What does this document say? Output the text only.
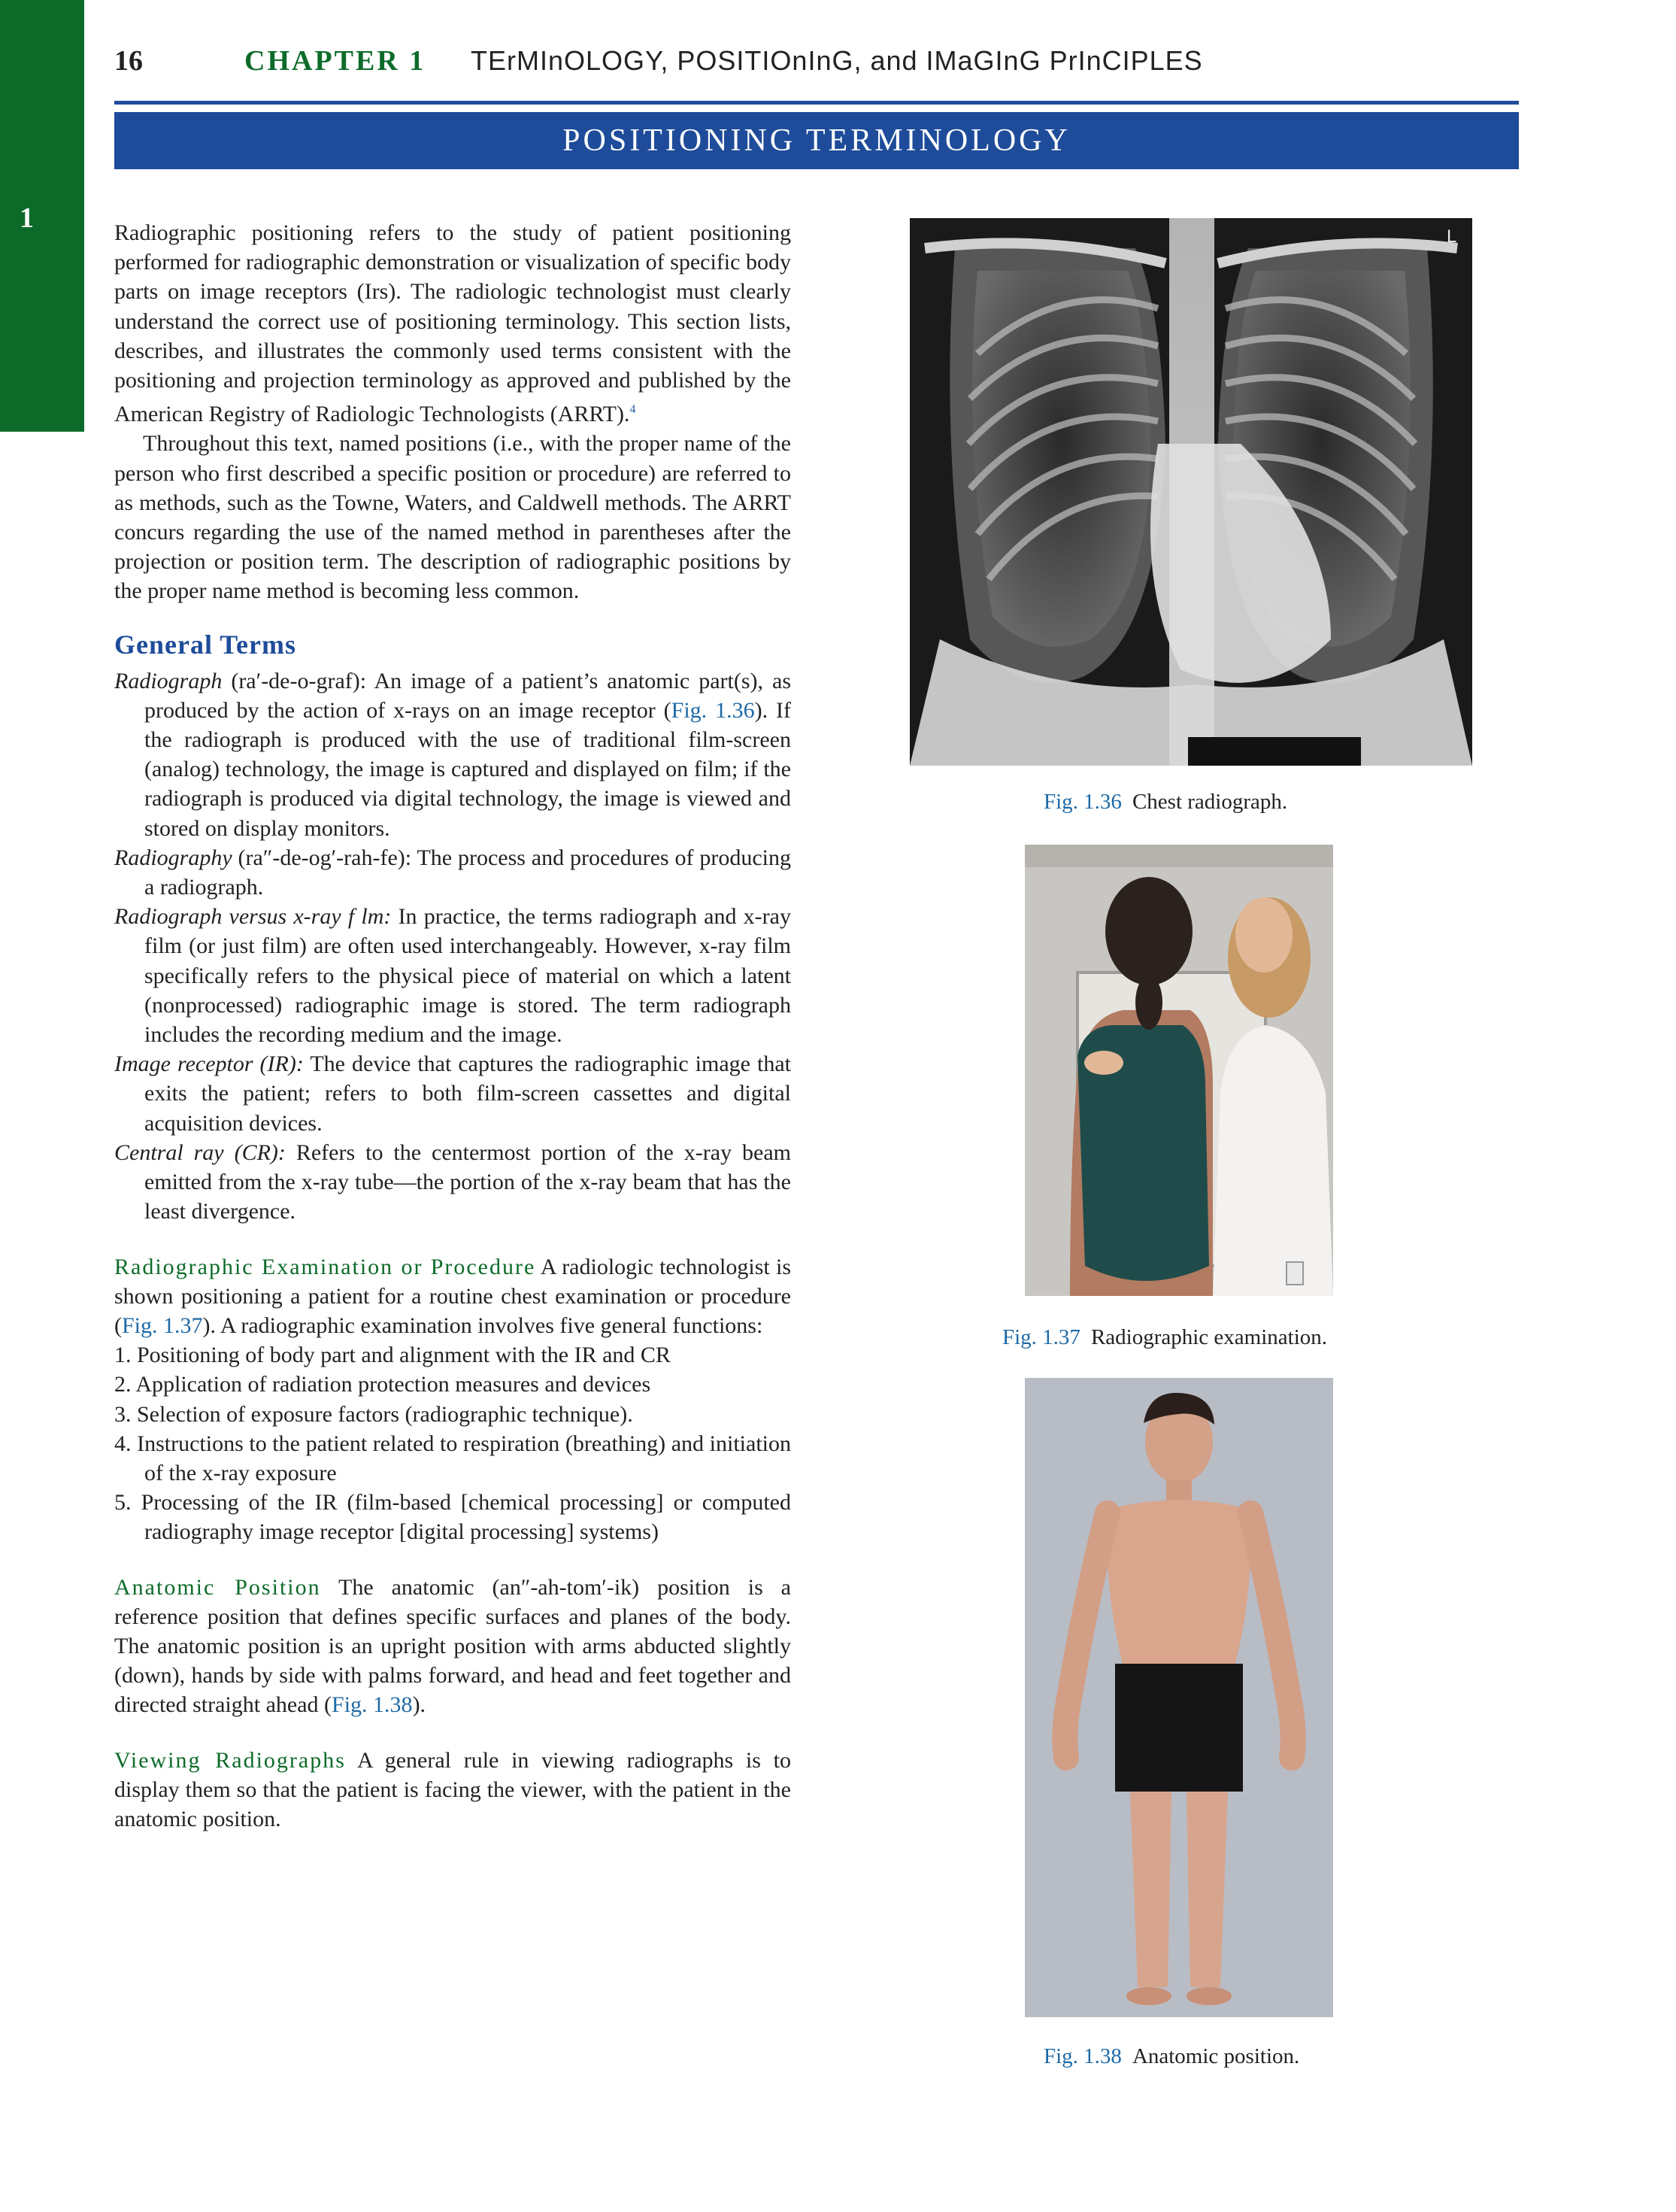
1
16	CHAPTER 1 TErMInOLOGY, POSITIOnInG, and IMaGInG PrInCIPLES
POSITIONING TERMINOLOGY

Radiographic positioning refers to the study of patient positioning performed for radiographic demonstration or visualization of specific body parts on image receptors (Irs). The radiologic technologist must clearly understand the correct use of positioning terminology. This section lists, describes, and illustrates the commonly used terms consistent with the positioning and projection terminology as approved and published by the American Registry of Radiologic Technologists (ARRT).$^4$

Throughout this text, named positions (i.e., with the proper name of the person who first described a specific position or procedure) are referred to as methods, such as the Towne, Waters, and Caldwell methods. The ARRT concurs regarding the use of the named method in parentheses after the projection or position term. The description of radiographic positions by the proper name method is becoming less common.

General Terms

Radiograph (ra′-de-o-graf): An image of a patient’s anatomic part(s), as produced by the action of x-rays on an image receptor (Fig. 1.36). If the radiograph is produced with the use of traditional film-screen (analog) technology, the image is captured and displayed on film; if the radiograph is produced via digital technology, the image is viewed and stored on display monitors.

Radiography (ra″-de-og′-rah-fe): The process and procedures of producing a radiograph.

Radiograph versus x-ray f lm: In practice, the terms radiograph and x-ray film (or just film) are often used interchangeably. However, x-ray film specifically refers to the physical piece of material on which a latent (nonprocessed) radiographic image is stored. The term radiograph includes the recording medium and the image.

Image receptor (IR): The device that captures the radiographic image that exits the patient; refers to both film-screen cassettes and digital acquisition devices.

Central ray (CR): Refers to the centermost portion of the x-ray beam emitted from the x-ray tube—the portion of the x-ray beam that has the least divergence.

Radiographic Examination or Procedure A radiologic technologist is shown positioning a patient for a routine chest examination or procedure (Fig. 1.37). A radiographic examination involves five general functions:

1. Positioning of body part and alignment with the IR and CR
2. Application of radiation protection measures and devices
3. Selection of exposure factors (radiographic technique).
4. Instructions to the patient related to respiration (breathing) and initiation of the x-ray exposure
5. Processing of the IR (film-based [chemical processing] or computed radiography image receptor [digital processing] systems)

Anatomic Position The anatomic (an″-ah-tom′-ik) position is a reference position that defines specific surfaces and planes of the body. The anatomic position is an upright position with arms abducted slightly (down), hands by side with palms forward, and head and feet together and directed straight ahead (Fig. 1.38).

Viewing Radiographs A general rule in viewing radiographs is to display them so that the patient is facing the viewer, with the patient in the anatomic position.

L
Fig. 1.36 Chest radiograph.
Fig. 1.37 Radiographic examination.
Fig. 1.38 Anatomic position.
